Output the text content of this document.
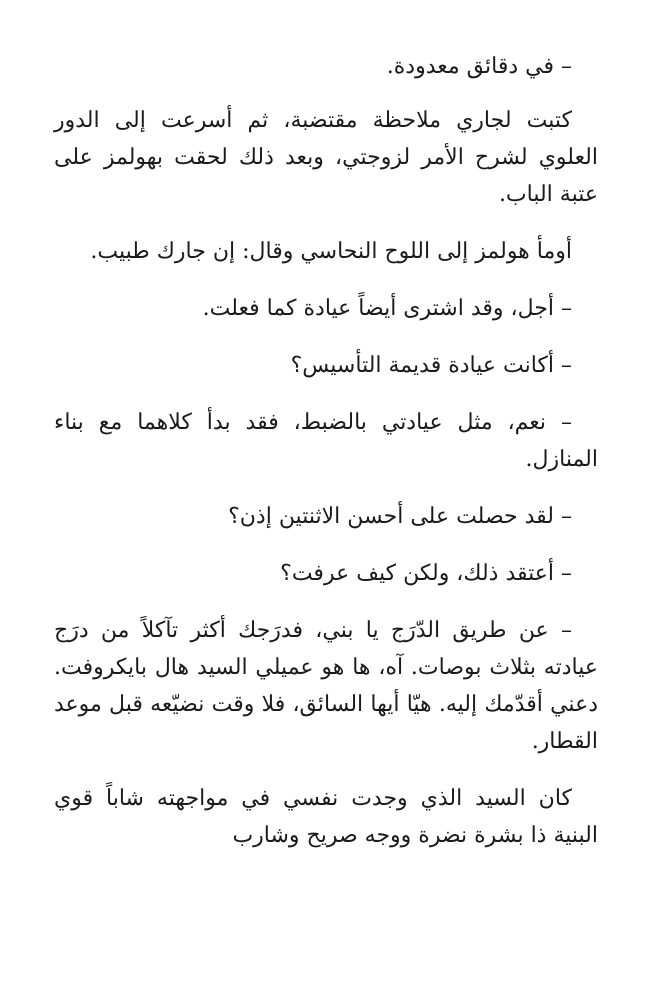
– في دقائق معدودة.

كتبت لجاري ملاحظة مقتضبة، ثم أسرعت إلى الدور العلوي لشرح الأمر لزوجتي، وبعد ذلك لحقت بهولمز على عتبة الباب.

أومأ هولمز إلى اللوح النحاسي وقال: إن جارك طبيب.

– أجل، وقد اشترى أيضاً عيادة كما فعلت.

– أكانت عيادة قديمة التأسيس؟

– نعم، مثل عيادتي بالضبط، فقد بدأ كلاهما مع بناء المنازل.

– لقد حصلت على أحسن الاثنتين إذن؟

– أعتقد ذلك، ولكن كيف عرفت؟

– عن طريق الدّرَج يا بني، فدرَجك أكثر تآكلاً من درَج عيادته بثلاث بوصات. آه، ها هو عميلي السيد هال بايكروفت. دعني أقدّمك إليه. هيّا أيها السائق، فلا وقت نضيّعه قبل موعد القطار.

كان السيد الذي وجدت نفسي في مواجهته شاباً قوي البنية ذا بشرة نضرة ووجه صريح وشارب
